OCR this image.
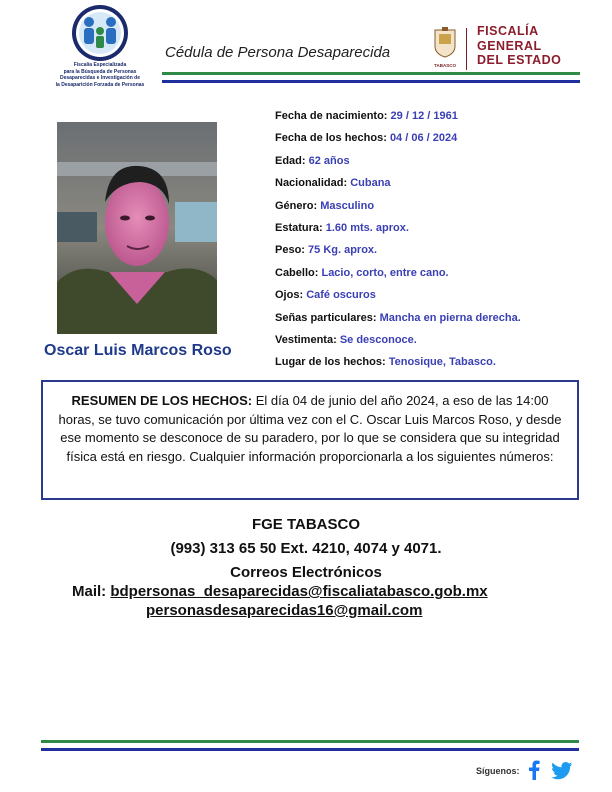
Fiscalía Especializada
para la Búsqueda de Personas
Desaparecidas e Investigación de
la Desaparición Forzada de Personas
Cédula de Persona Desaparecida
TABASCO
FISCALÍA
GENERAL
DEL ESTADO
Oscar Luis Marcos Roso
Fecha de nacimiento: 29 / 12 / 1961
Fecha de los hechos: 04 / 06 / 2024
Edad: 62 años
Nacionalidad: Cubana
Género: Masculino
Estatura: 1.60 mts. aprox.
Peso: 75 Kg. aprox.
Cabello: Lacio, corto, entre cano.
Ojos: Café oscuros
Señas particulares: Mancha en pierna derecha.
Vestimenta: Se desconoce.
Lugar de los hechos: Tenosique, Tabasco.

RESUMEN DE LOS HECHOS: El día 04 de junio del año 2024, a eso de las 14:00 horas, se tuvo comunicación por última vez con el C. Oscar Luis Marcos Roso, y desde ese momento se desconoce de su paradero, por lo que se considera que su integridad física está en riesgo. Cualquier información proporcionarla a los siguientes números:

FGE TABASCO
(993) 313 65 50 Ext. 4210, 4074 y 4071.
Correos Electrónicos
Mail: bdpersonas_desaparecidas@fiscaliatabasco.gob.mx
personasdesaparecidas16@gmail.com
Síguenos:
